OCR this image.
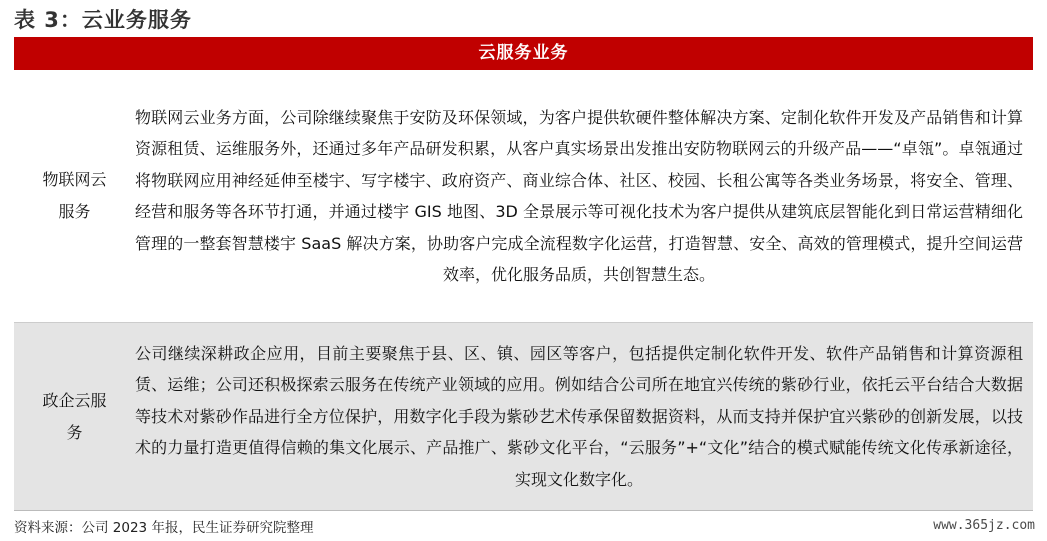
表 3：云业务服务
云服务业务
物联网云服务
物联网云业务方面，公司除继续聚焦于安防及环保领域，为客户提供软硬件整体解决方案、定制化软件开发及产品销售和计算资源租赁、运维服务外，还通过多年产品研发积累，从客户真实场景出发推出安防物联网云的升级产品——“卓瓴”。卓瓴通过将物联网应用神经延伸至楼宇、写字楼宇、政府资产、商业综合体、社区、校园、长租公寓等各类业务场景，将安全、管理、经营和服务等各环节打通，并通过楼宇 GIS 地图、3D 全景展示等可视化技术为客户提供从建筑底层智能化到日常运营精细化管理的一整套智慧楼宇 SaaS 解决方案，协助客户完成全流程数字化运营，打造智慧、安全、高效的管理模式，提升空间运营效率，优化服务品质，共创智慧生态。
政企云服务
公司继续深耕政企应用，目前主要聚焦于县、区、镇、园区等客户，包括提供定制化软件开发、软件产品销售和计算资源租赁、运维；公司还积极探索云服务在传统产业领域的应用。例如结合公司所在地宜兴传统的紫砂行业，依托云平台结合大数据等技术对紫砂作品进行全方位保护，用数字化手段为紫砂艺术传承保留数据资料，从而支持并保护宜兴紫砂的创新发展，以技术的力量打造更值得信赖的集文化展示、产品推广、紫砂文化平台，“云服务”+“文化”结合的模式赋能传统文化传承新途径，实现文化数字化。
资料来源：公司 2023 年报，民生证券研究院整理	www.365jz.com
